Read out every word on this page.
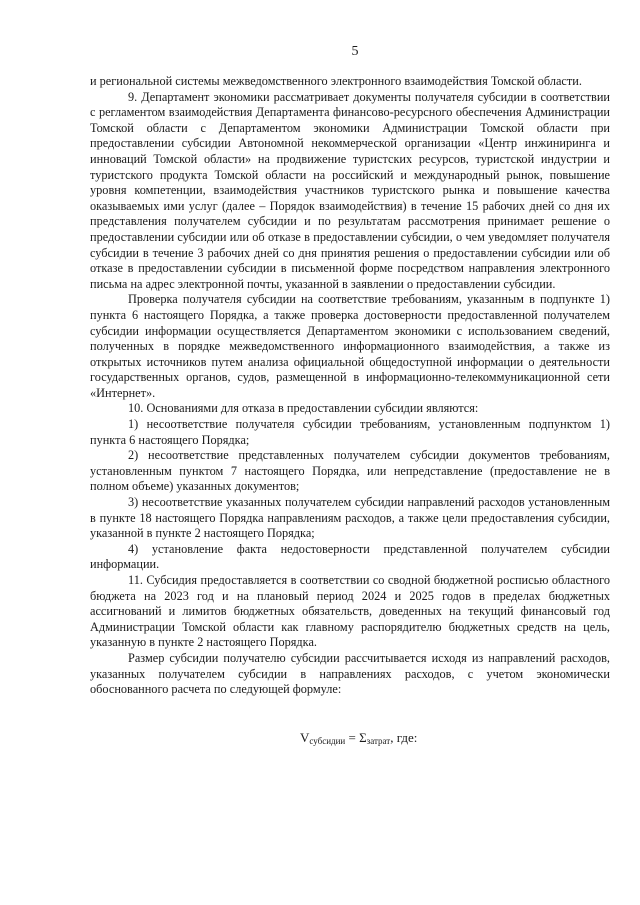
5

и региональной системы межведомственного электронного взаимодействия Томской области.

9. Департамент экономики рассматривает документы получателя субсидии в соответствии с регламентом взаимодействия Департамента финансово-ресурсного обеспечения Администрации Томской области с Департаментом экономики Администрации Томской области при предоставлении субсидии Автономной некоммерческой организации «Центр инжиниринга и инноваций Томской области» на продвижение туристских ресурсов, туристской индустрии и туристского продукта Томской области на российский и международный рынок, повышение уровня компетенции, взаимодействия участников туристского рынка и повышение качества оказываемых ими услуг (далее – Порядок взаимодействия) в течение 15 рабочих дней со дня их представления получателем субсидии и по результатам рассмотрения принимает решение о предоставлении субсидии или об отказе в предоставлении субсидии, о чем уведомляет получателя субсидии в течение 3 рабочих дней со дня принятия решения о предоставлении субсидии или об отказе в предоставлении субсидии в письменной форме посредством направления электронного письма на адрес электронной почты, указанной в заявлении о предоставлении субсидии.

Проверка получателя субсидии на соответствие требованиям, указанным в подпункте 1) пункта 6 настоящего Порядка, а также проверка достоверности предоставленной получателем субсидии информации осуществляется Департаментом экономики с использованием сведений, полученных в порядке межведомственного информационного взаимодействия, а также из открытых источников путем анализа официальной общедоступной информации о деятельности государственных органов, судов, размещенной в информационно-телекоммуникационной сети «Интернет».

10. Основаниями для отказа в предоставлении субсидии являются:

1) несоответствие получателя субсидии требованиям, установленным подпунктом 1) пункта 6 настоящего Порядка;

2) несоответствие представленных получателем субсидии документов требованиям, установленным пунктом 7 настоящего Порядка, или непредставление (предоставление не в полном объеме) указанных документов;

3) несоответствие указанных получателем субсидии направлений расходов установленным в пункте 18 настоящего Порядка направлениям расходов, а также цели предоставления субсидии, указанной в пункте 2 настоящего Порядка;

4) установление факта недостоверности представленной получателем субсидии информации.

11. Субсидия предоставляется в соответствии со сводной бюджетной росписью областного бюджета на 2023 год и на плановый период 2024 и 2025 годов в пределах бюджетных ассигнований и лимитов бюджетных обязательств, доведенных на текущий финансовый год Администрации Томской области как главному распорядителю бюджетных средств на цель, указанную в пункте 2 настоящего Порядка.

Размер субсидии получателю субсидии рассчитывается исходя из направлений расходов, указанных получателем субсидии в направлениях расходов, с учетом экономически обоснованного расчета по следующей формуле:

$V_{субсидии} = \Sigma_{затрат}$, где:
